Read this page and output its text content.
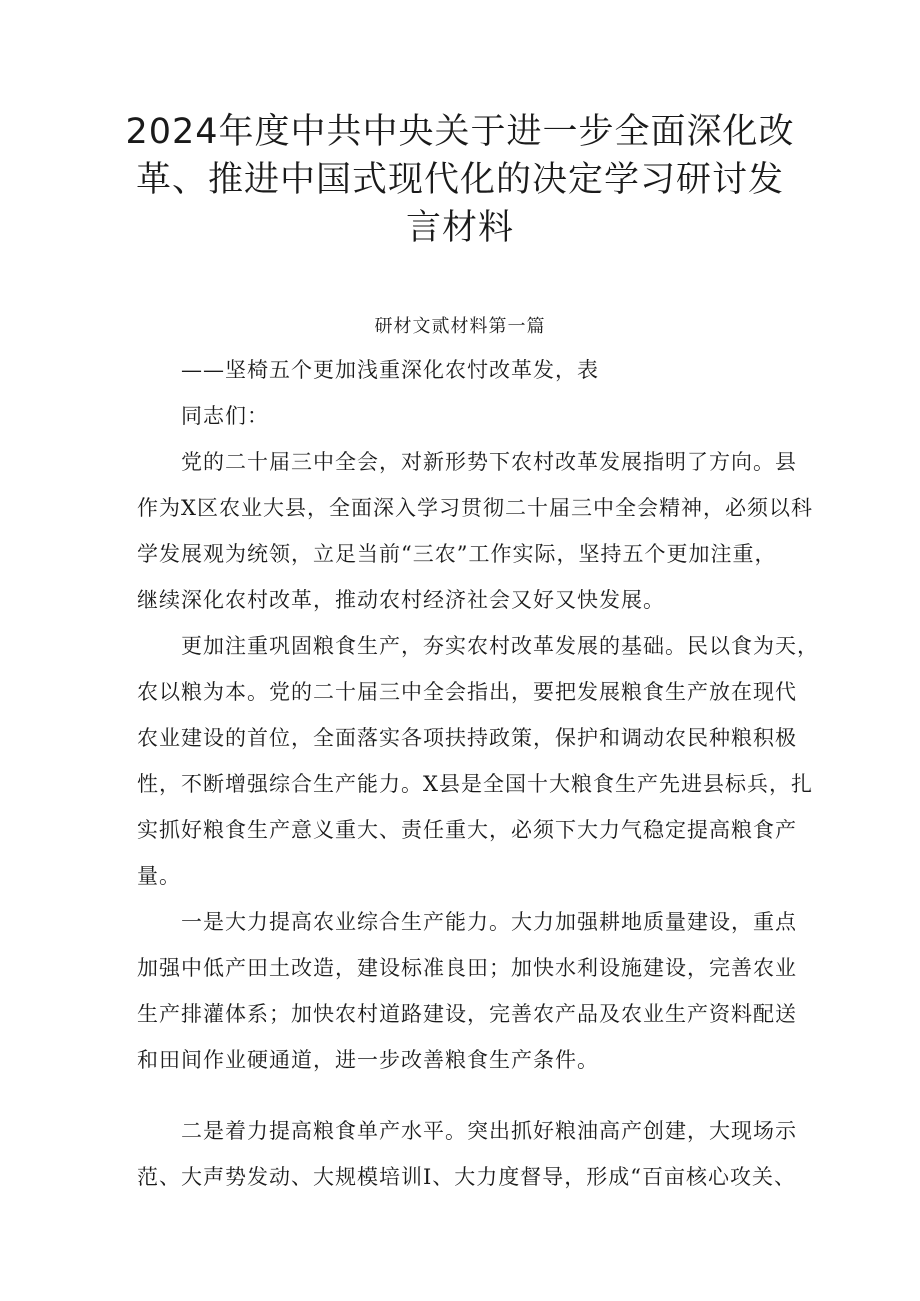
2024年度中共中央关于进一步全面深化改革、推进中国式现代化的决定学习研讨发言材料
研材文贰材料第一篇
——坚椅五个更加浅重深化农忖改革发，表
同志们：
党的二十届三中全会，对新形势下农村改革发展指明了方向。县
作为X区农业大县，全面深入学习贯彻二十届三中全会精神，必须以科
学发展观为统领，立足当前“三农”工作实际，坚持五个更加注重，
继续深化农村改革，推动农村经济社会又好又快发展。
更加注重巩固粮食生产，夯实农村改革发展的基础。民以食为天，
农以粮为本。党的二十届三中全会指出，要把发展粮食生产放在现代
农业建设的首位，全面落实各项扶持政策，保护和调动农民种粮积极
性，不断增强综合生产能力。X县是全国十大粮食生产先进县标兵，扎
实抓好粮食生产意义重大、责任重大，必须下大力气稳定提高粮食产
量。
一是大力提高农业综合生产能力。大力加强耕地质量建设，重点
加强中低产田土改造，建设标准良田；加快水利设施建设，完善农业
生产排灌体系；加快农村道路建设，完善农产品及农业生产资料配送
和田间作业硬通道，进一步改善粮食生产条件。
二是着力提高粮食单产水平。突出抓好粮油高产创建，大现场示
范、大声势发动、大规模培训I、大力度督导，形成“百亩核心攻关、
